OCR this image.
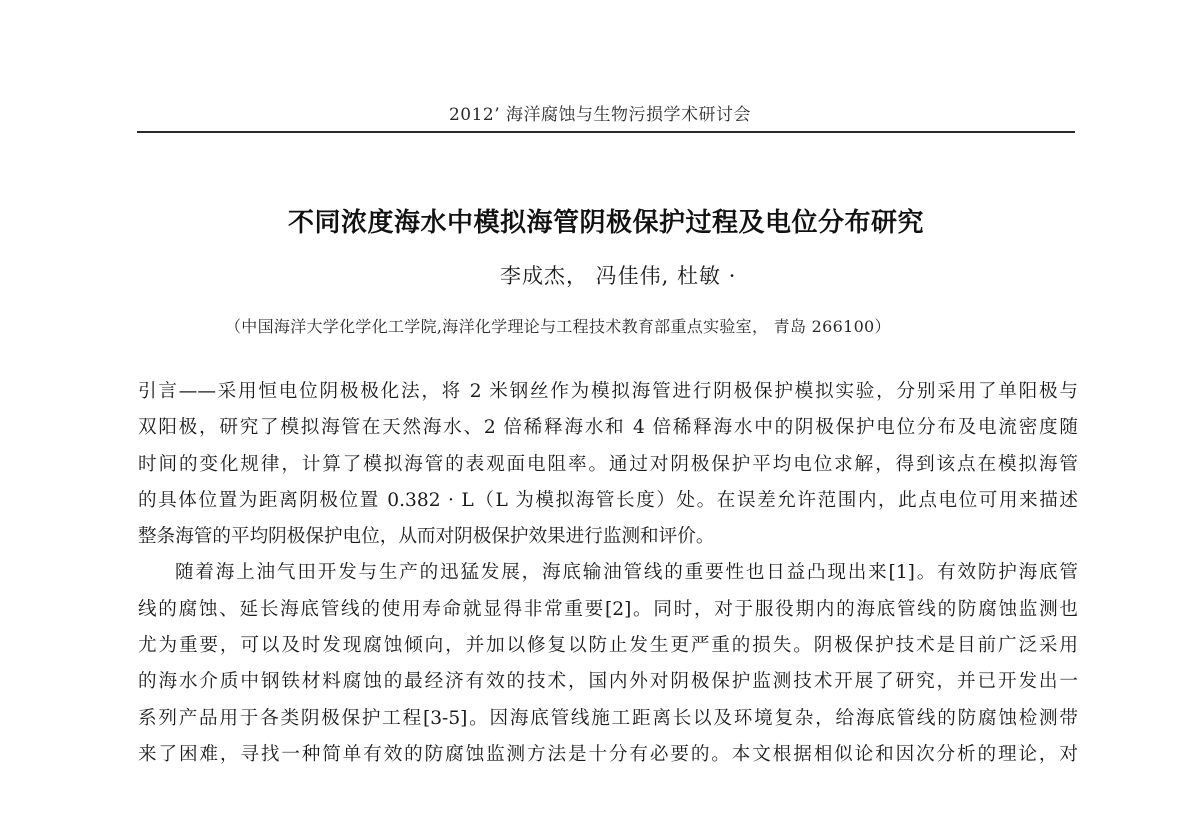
2012’ 海洋腐蚀与生物污损学术研讨会
不同浓度海水中模拟海管阴极保护过程及电位分布研究
李成杰， 冯佳伟, 杜敏 ·
（中国海洋大学化学化工学院,海洋化学理论与工程技术教育部重点实验室， 青岛 266100）

引言——采用恒电位阴极极化法，将 2 米钢丝作为模拟海管进行阴极保护模拟实验，分别采用了单阳极与
双阳极，研究了模拟海管在天然海水、2 倍稀释海水和 4 倍稀释海水中的阴极保护电位分布及电流密度随
时间的变化规律，计算了模拟海管的表观面电阻率。通过对阴极保护平均电位求解，得到该点在模拟海管
的具体位置为距离阴极位置 0.382 · L（L 为模拟海管长度）处。在误差允许范围内，此点电位可用来描述
整条海管的平均阴极保护电位，从而对阴极保护效果进行监测和评价。

随着海上油气田开发与生产的迅猛发展，海底输油管线的重要性也日益凸现出来[1]。有效防护海底管
线的腐蚀、延长海底管线的使用寿命就显得非常重要[2]。同时，对于服役期内的海底管线的防腐蚀监测也
尤为重要，可以及时发现腐蚀倾向，并加以修复以防止发生更严重的损失。阴极保护技术是目前广泛采用
的海水介质中钢铁材料腐蚀的最经济有效的技术，国内外对阴极保护监测技术开展了研究，并已开发出一
系列产品用于各类阴极保护工程[3-5]。因海底管线施工距离长以及环境复杂，给海底管线的防腐蚀检测带
来了困难，寻找一种简单有效的防腐蚀监测方法是十分有必要的。本文根据相似论和因次分析的理论，对
